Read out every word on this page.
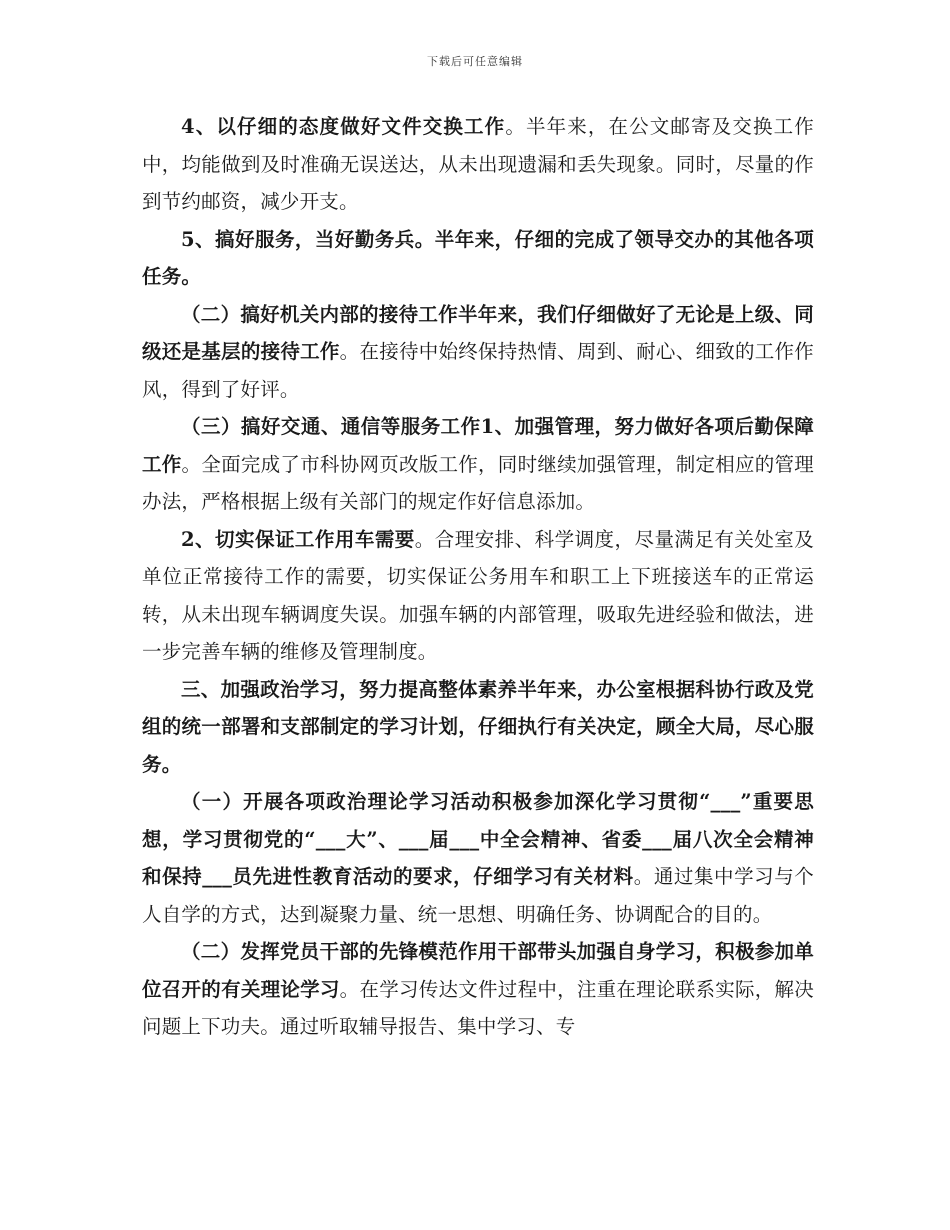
下载后可任意编辑

4、以仔细的态度做好文件交换工作。半年来，在公文邮寄及交换工作中，均能做到及时准确无误送达，从未出现遗漏和丢失现象。同时，尽量的作到节约邮资，减少开支。

5、搞好服务，当好勤务兵。半年来，仔细的完成了领导交办的其他各项任务。

（二）搞好机关内部的接待工作半年来，我们仔细做好了无论是上级、同级还是基层的接待工作。在接待中始终保持热情、周到、耐心、细致的工作作风，得到了好评。

（三）搞好交通、通信等服务工作1、加强管理，努力做好各项后勤保障工作。全面完成了市科协网页改版工作，同时继续加强管理，制定相应的管理办法，严格根据上级有关部门的规定作好信息添加。

2、切实保证工作用车需要。合理安排、科学调度，尽量满足有关处室及单位正常接待工作的需要，切实保证公务用车和职工上下班接送车的正常运转，从未出现车辆调度失误。加强车辆的内部管理，吸取先进经验和做法，进一步完善车辆的维修及管理制度。

三、加强政治学习，努力提高整体素养半年来，办公室根据科协行政及党组的统一部署和支部制定的学习计划，仔细执行有关决定，顾全大局，尽心服务。

（一）开展各项政治理论学习活动积极参加深化学习贯彻“___”重要思想，学习贯彻党的“___大”、___届___中全会精神、省委___届八次全会精神和保持___员先进性教育活动的要求，仔细学习有关材料。通过集中学习与个人自学的方式，达到凝聚力量、统一思想、明确任务、协调配合的目的。

（二）发挥党员干部的先锋模范作用干部带头加强自身学习，积极参加单位召开的有关理论学习。在学习传达文件过程中，注重在理论联系实际，解决问题上下功夫。通过听取辅导报告、集中学习、专
